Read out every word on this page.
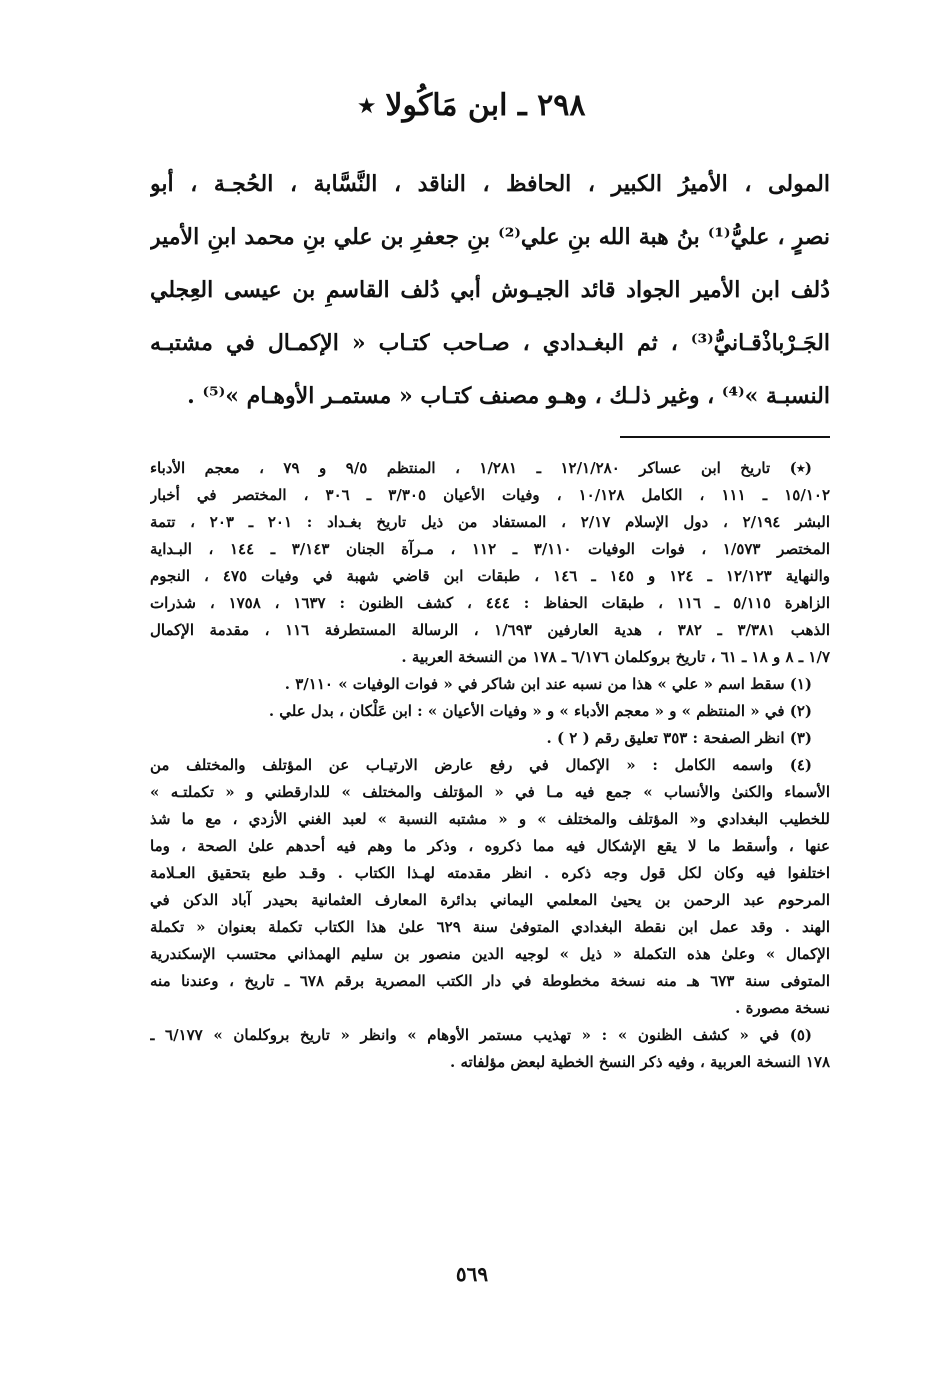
٢٩٨ ـ ابن مَاكُولا ٭
المولى ، الأميرُ الكبير ، الحافظ ، الناقد ، النَّسَّابة ، الحُجـة ، أبو
نصرٍ ، عليُّ⁽¹⁾ بنُ هبة الله بنِ علي⁽²⁾ بنِ جعفرِ بن علي بنِ محمد ابنِ الأمير
دُلف ابن الأمير الجواد قائد الجيـوش أبي دُلف القاسمِ بن عيسى العِجلي
الجَـرْباذْقـانيُّ⁽³⁾ ، ثم البغـدادي ، صـاحب كتـاب « الإكمـال في مشتبـه
النسبـة »⁽⁴⁾ ، وغير ذلـك ، وهـو مصنف كتـاب « مستمـر الأوهـام »⁽⁵⁾ .
(٭) تاريخ ابن عساكر ١٢/١/٢٨٠ ـ ١/٢٨١ ، المنتظم ٩/٥ و ٧٩ ، معجم الأدباء
١٥/١٠٢ ـ ١١١ ، الكامل ١٠/١٢٨ ، وفيات الأعيان ٣/٣٠٥ ـ ٣٠٦ ، المختصر في أخبار
البشر ٢/١٩٤ ، دول الإسلام ٢/١٧ ، المستفاد من ذيل تاريخ بغـداد : ٢٠١ ـ ٢٠٣ ، تتمة
المختصر ١/٥٧٣ ، فوات الوفيات ٣/١١٠ ـ ١١٢ ، مـرآة الجنان ٣/١٤٣ ـ ١٤٤ ، البـداية
والنهاية ١٢/١٢٣ ـ ١٢٤ و ١٤٥ ـ ١٤٦ ، طبقات ابن قاضي شهبة في وفيات ٤٧٥ ، النجوم
الزاهرة ٥/١١٥ ـ ١١٦ ، طبقات الحفاظ : ٤٤٤ ، كشف الظنون : ١٦٣٧ ، ١٧٥٨ ، شذرات
الذهب ٣/٣٨١ ـ ٣٨٢ ، هدية العارفين ١/٦٩٣ ، الرسالة المستطرفة ١١٦ ، مقدمة الإكمال
١/٧ ـ ٨ و ١٨ ـ ٦١ ، تاريخ بروكلمان ٦/١٧٦ ـ ١٧٨ من النسخة العربية .
(١) سقط اسم « علي » هذا من نسبه عند ابن شاكر في « فوات الوفيات » ٣/١١٠ .
(٢) في « المنتظم » و « معجم الأدباء » و « وفيات الأعيان » : ابن عَلْكان ، بدل علي .
(٣) انظر الصفحة : ٣٥٣ تعليق رقم ( ٢ ) .
(٤) واسمه الكامل : « الإكمال في رفع عارض الارتيـاب عن المؤتلف والمختلف من
الأسماء والكنىٰ والأنساب » جمع فيه مـا في « المؤتلف والمختلف » للدارقطني و « تكملتـه »
للخطيب البغدادي و« المؤتلف والمختلف » و « مشتبه النسبة » لعبد الغني الأزدي ، مع ما شذ
عنها ، وأسقط ما لا يقع الإشكال فيه مما ذكروه ، وذكر ما وهم فيه أحدهم علىٰ الصحة ، وما
اختلفوا فيه وكان لكل قول وجه ذكره . انظر مقدمته لهـذا الكتاب . وقـد طبع بتحقيق العـلامة
المرحوم عبد الرحمن بن يحيىٰ المعلمي اليماني بدائرة المعارف العثمانية بحيدر آباد الدكن في
الهند . وقد عمل ابن نقطة البغدادي المتوفىٰ سنة ٦٢٩ علىٰ هذا الكتاب تكملة بعنوان « تكملة
الإكمال » وعلىٰ هذه التكملة « ذيل » لوجيه الدين منصور بن سليم الهمذاني محتسب الإسكندرية
المتوفى سنة ٦٧٣ هـ منه نسخة مخطوطة في دار الكتب المصرية برقم ٦٧٨ ـ تاريخ ، وعندنا منه
نسخة مصورة .
(٥) في « كشف الظنون » : « تهذيب مستمر الأوهام » وانظر « تاريخ بروكلمان » ٦/١٧٧ ـ
١٧٨ النسخة العربية ، وفيه ذكر النسخ الخطية لبعض مؤلفاته .
٥٦٩
